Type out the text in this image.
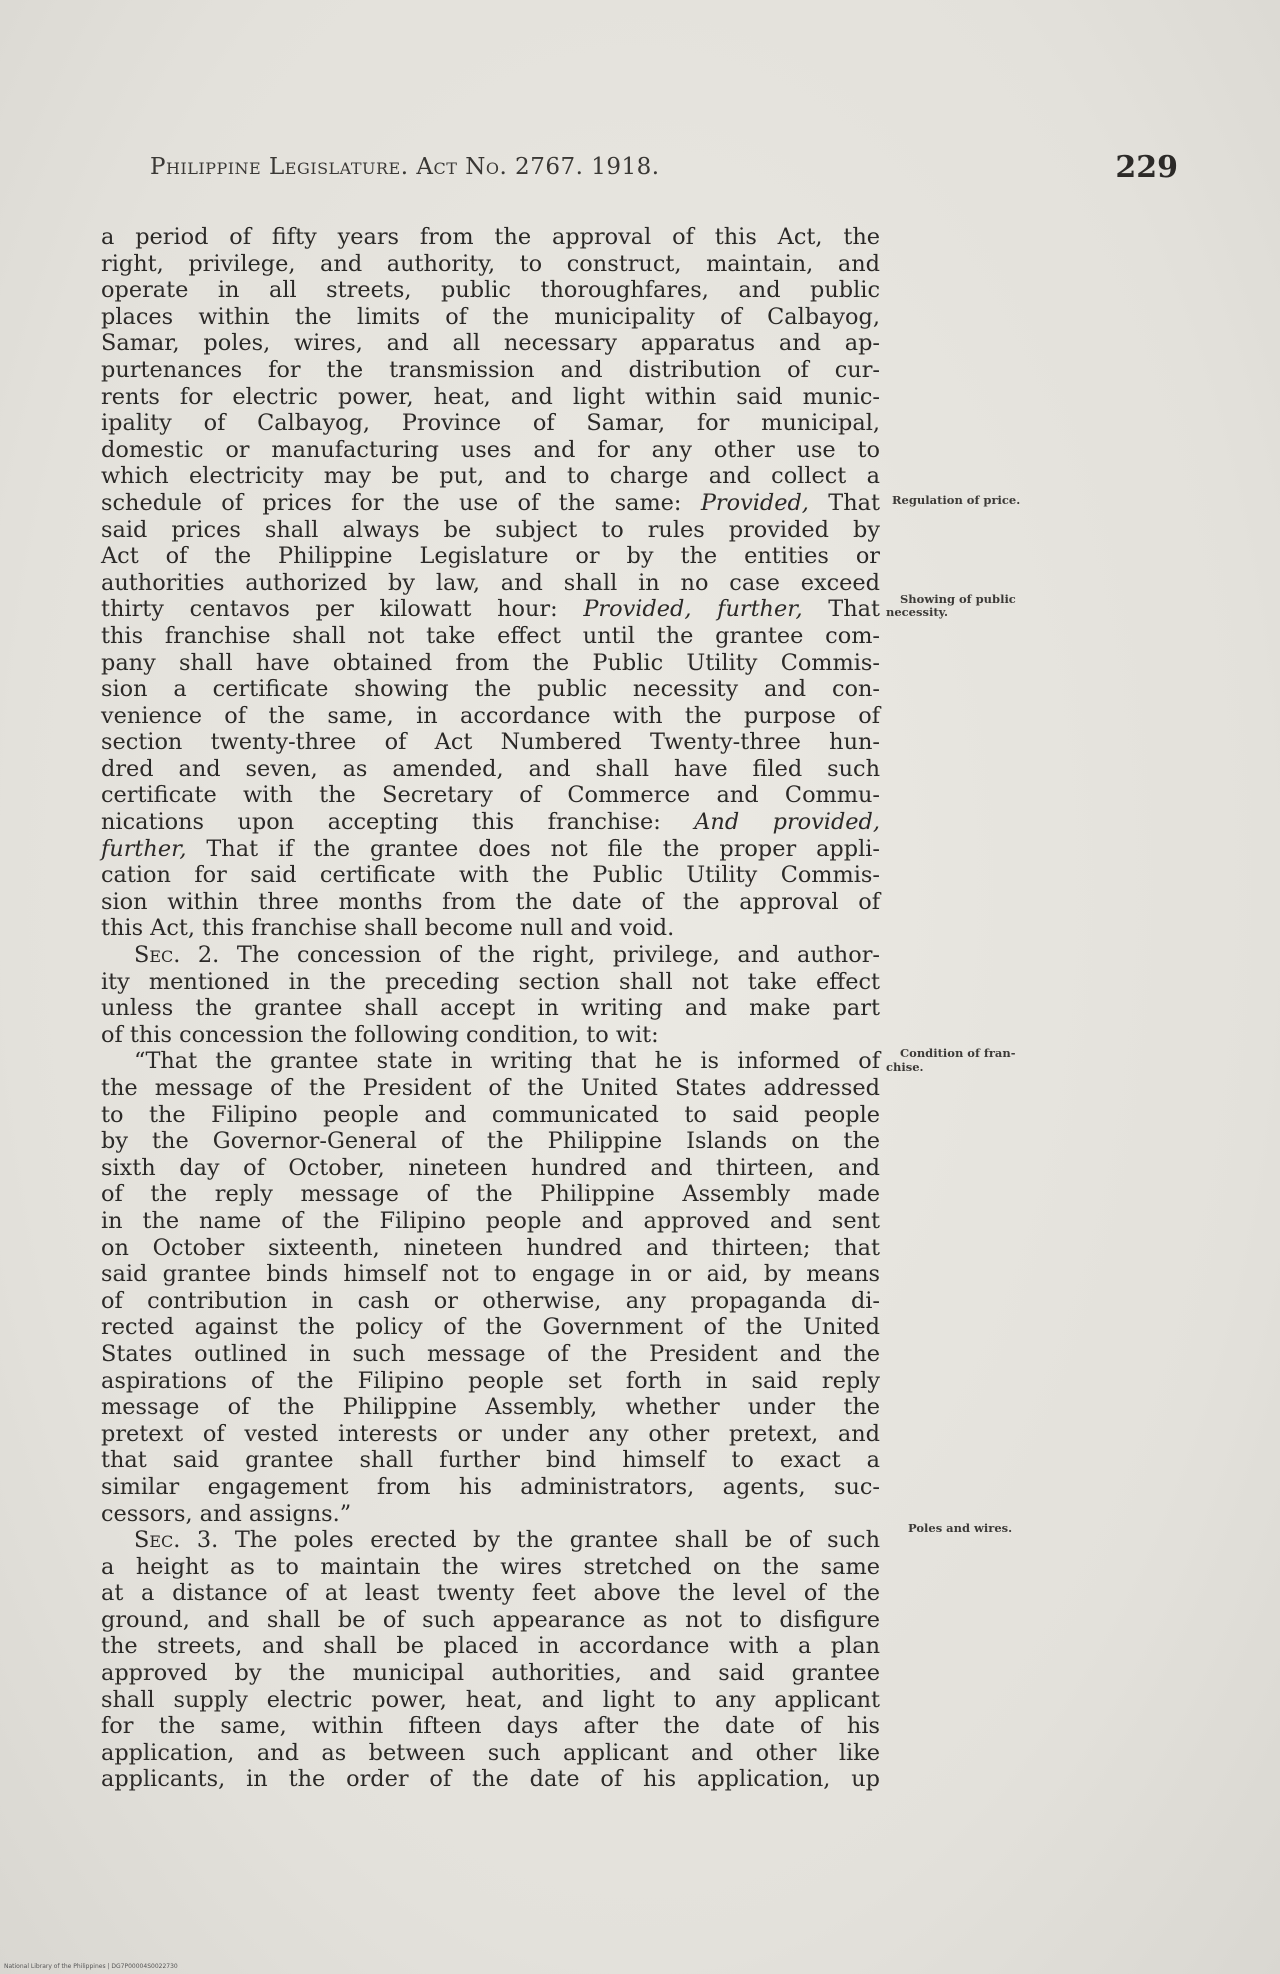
Philippine Legislature. Act No. 2767. 1918.	229
a period of fifty years from the approval of this Act, the
right, privilege, and authority, to construct, maintain, and
operate in all streets, public thoroughfares, and public
places within the limits of the municipality of Calbayog,
Samar, poles, wires, and all necessary apparatus and ap-
purtenances for the transmission and distribution of cur-
rents for electric power, heat, and light within said munic-
ipality of Calbayog, Province of Samar, for municipal,
domestic or manufacturing uses and for any other use to
which electricity may be put, and to charge and collect a
schedule of prices for the use of the same: Provided, That
said prices shall always be subject to rules provided by
Act of the Philippine Legislature or by the entities or
authorities authorized by law, and shall in no case exceed
thirty centavos per kilowatt hour: Provided, further, That
this franchise shall not take effect until the grantee com-
pany shall have obtained from the Public Utility Commis-
sion a certificate showing the public necessity and con-
venience of the same, in accordance with the purpose of
section twenty-three of Act Numbered Twenty-three hun-
dred and seven, as amended, and shall have filed such
certificate with the Secretary of Commerce and Commu-
nications upon accepting this franchise: And provided,
further, That if the grantee does not file the proper appli-
cation for said certificate with the Public Utility Commis-
sion within three months from the date of the approval of
this Act, this franchise shall become null and void.
Sec. 2. The concession of the right, privilege, and author-
ity mentioned in the preceding section shall not take effect
unless the grantee shall accept in writing and make part
of this concession the following condition, to wit:
“That the grantee state in writing that he is informed of
the message of the President of the United States addressed
to the Filipino people and communicated to said people
by the Governor-General of the Philippine Islands on the
sixth day of October, nineteen hundred and thirteen, and
of the reply message of the Philippine Assembly made
in the name of the Filipino people and approved and sent
on October sixteenth, nineteen hundred and thirteen; that
said grantee binds himself not to engage in or aid, by means
of contribution in cash or otherwise, any propaganda di-
rected against the policy of the Government of the United
States outlined in such message of the President and the
aspirations of the Filipino people set forth in said reply
message of the Philippine Assembly, whether under the
pretext of vested interests or under any other pretext, and
that said grantee shall further bind himself to exact a
similar engagement from his administrators, agents, suc-
cessors, and assigns.”
Sec. 3. The poles erected by the grantee shall be of such
a height as to maintain the wires stretched on the same
at a distance of at least twenty feet above the level of the
ground, and shall be of such appearance as not to disfigure
the streets, and shall be placed in accordance with a plan
approved by the municipal authorities, and said grantee
shall supply electric power, heat, and light to any applicant
for the same, within fifteen days after the date of his
application, and as between such applicant and other like
applicants, in the order of the date of his application, up
Regulation of price.
Showing of public
necessity.
Condition of fran-
chise.
Poles and wires.
National Library of the Philippines | DG7P00004S0022730
